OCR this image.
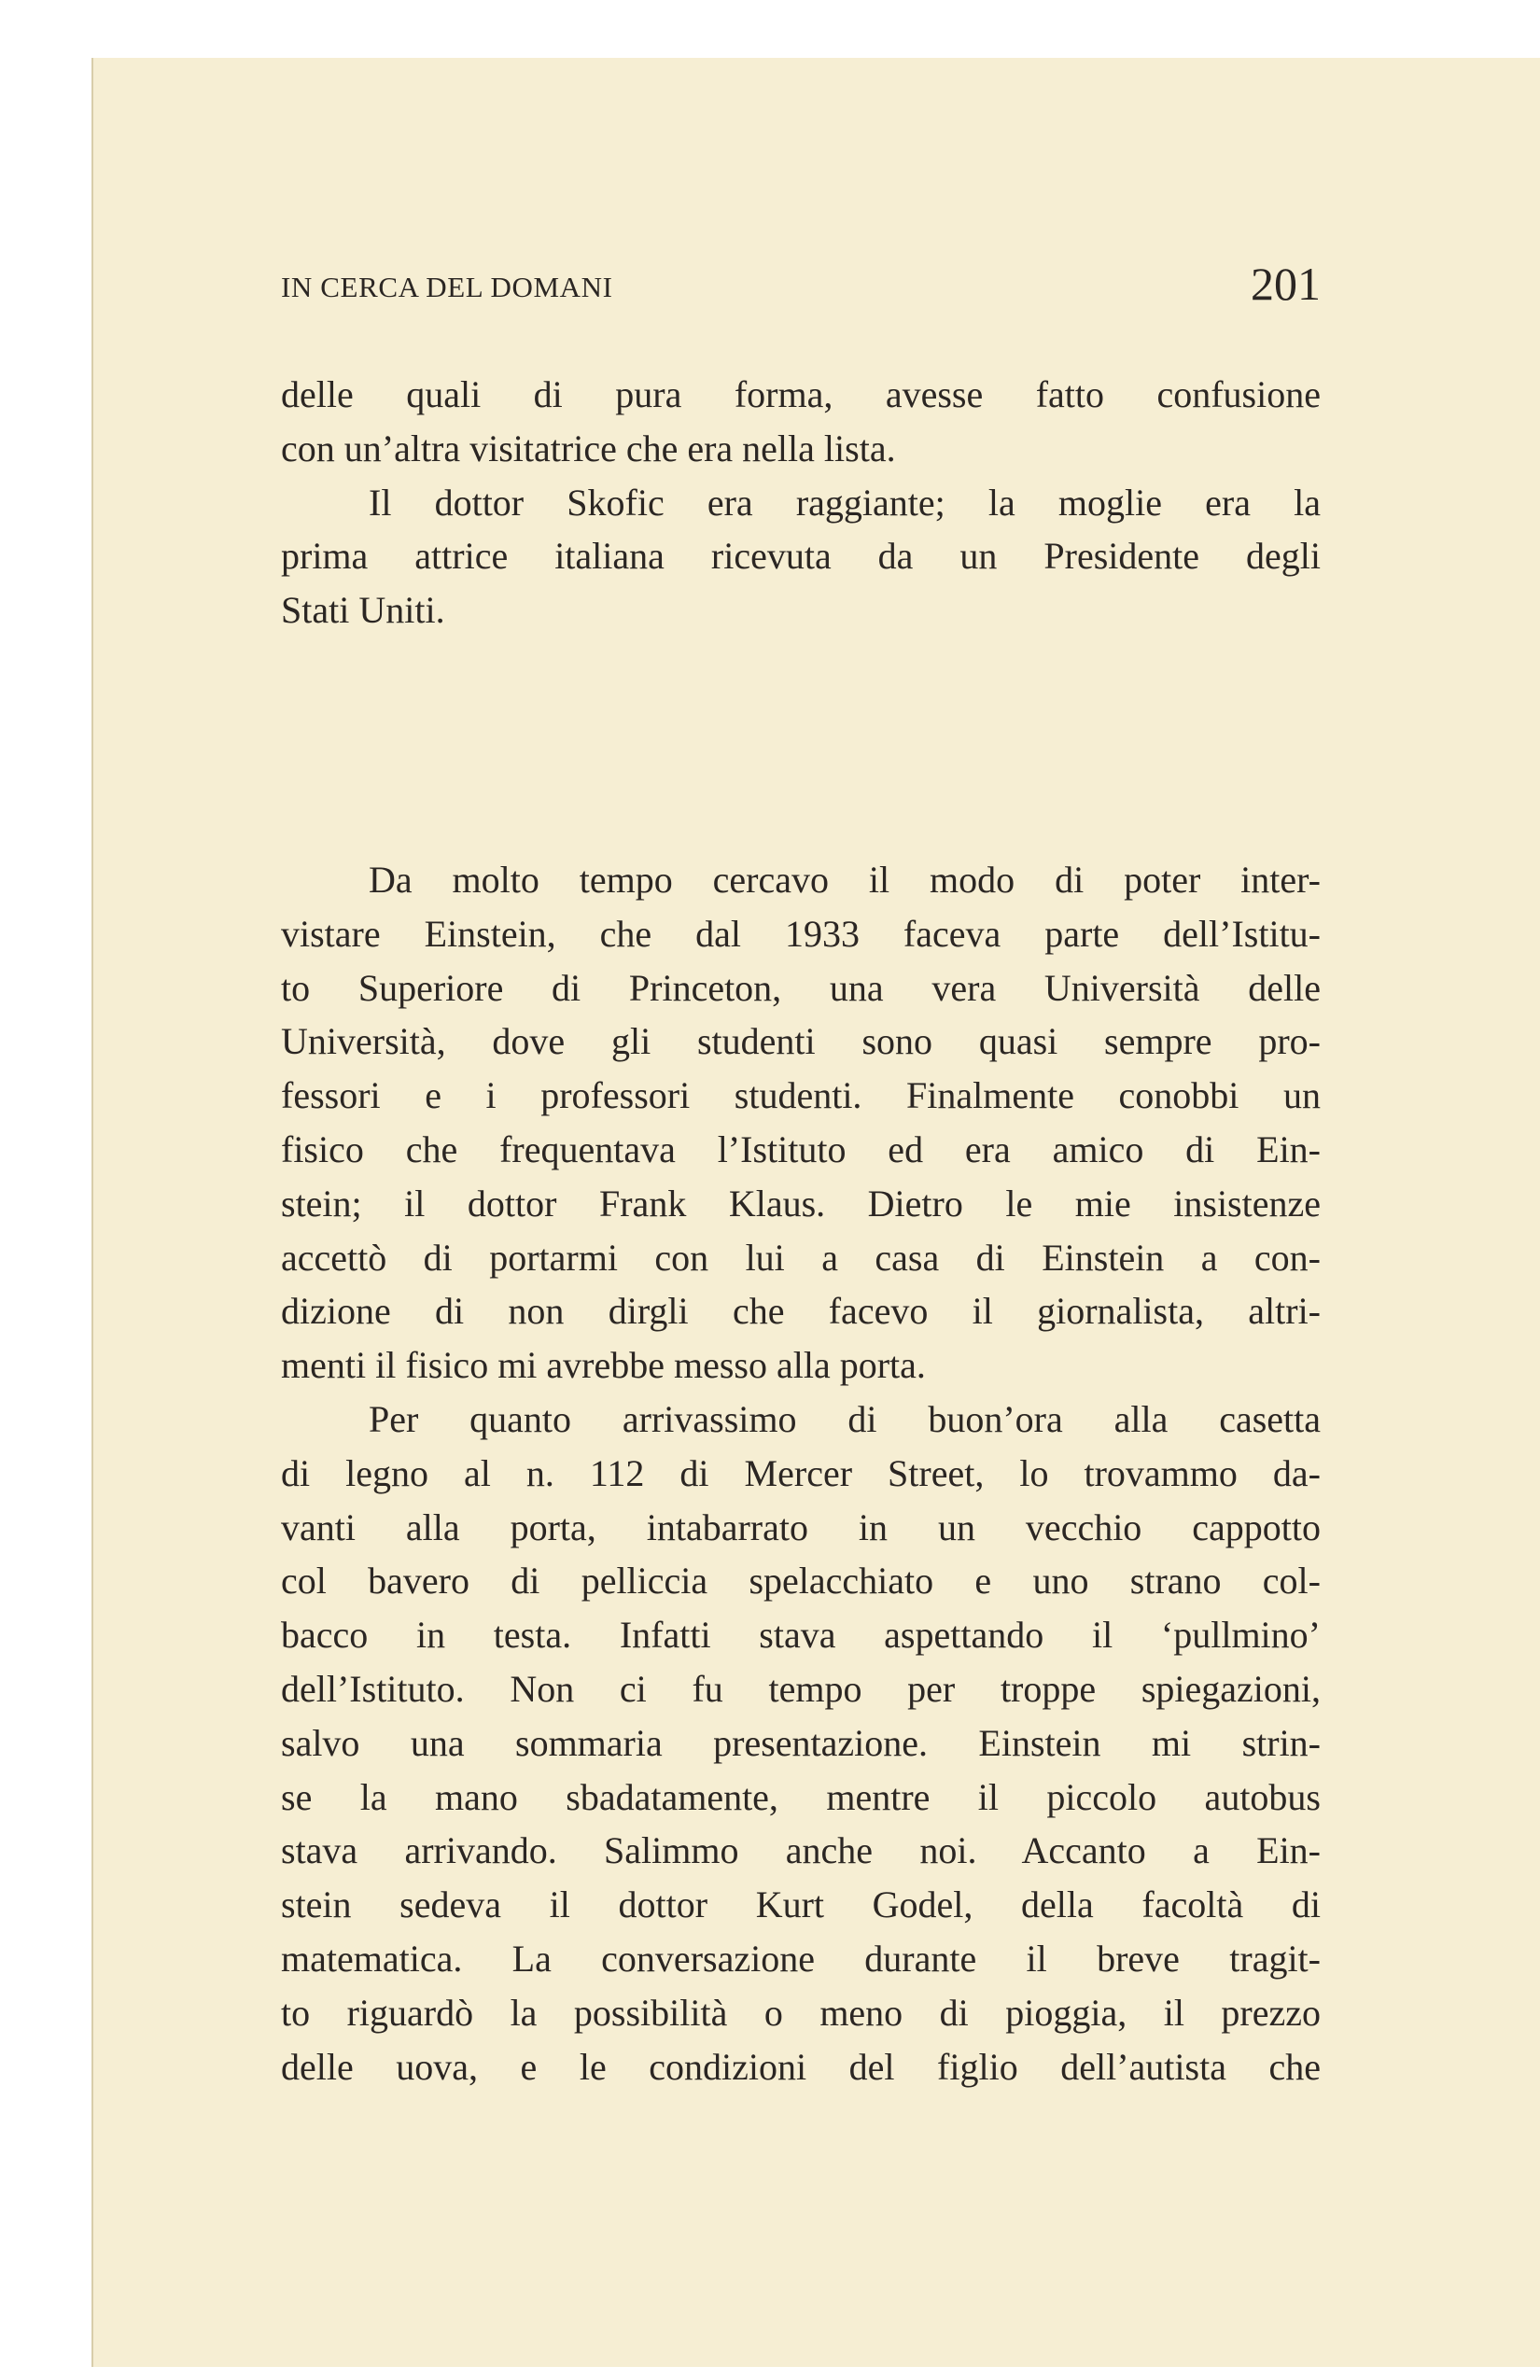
IN CERCA DEL DOMANI	201
delle quali di pura forma, avesse fatto confusione
con un’altra visitatrice che era nella lista.
Il dottor Skofic era raggiante; la moglie era la
prima attrice italiana ricevuta da un Presidente degli
Stati Uniti.
Da molto tempo cercavo il modo di poter inter-
vistare Einstein, che dal 1933 faceva parte dell’Istitu-
to Superiore di Princeton, una vera Università delle
Università, dove gli studenti sono quasi sempre pro-
fessori e i professori studenti. Finalmente conobbi un
fisico che frequentava l’Istituto ed era amico di Ein-
stein; il dottor Frank Klaus. Dietro le mie insistenze
accettò di portarmi con lui a casa di Einstein a con-
dizione di non dirgli che facevo il giornalista, altri-
menti il fisico mi avrebbe messo alla porta.
Per quanto arrivassimo di buon’ora alla casetta
di legno al n. 112 di Mercer Street, lo trovammo da-
vanti alla porta, intabarrato in un vecchio cappotto
col bavero di pelliccia spelacchiato e uno strano col-
bacco in testa. Infatti stava aspettando il ‘pullmino’
dell’Istituto. Non ci fu tempo per troppe spiegazioni,
salvo una sommaria presentazione. Einstein mi strin-
se la mano sbadatamente, mentre il piccolo autobus
stava arrivando. Salimmo anche noi. Accanto a Ein-
stein sedeva il dottor Kurt Godel, della facoltà di
matematica. La conversazione durante il breve tragit-
to riguardò la possibilità o meno di pioggia, il prezzo
delle uova, e le condizioni del figlio dell’autista che
